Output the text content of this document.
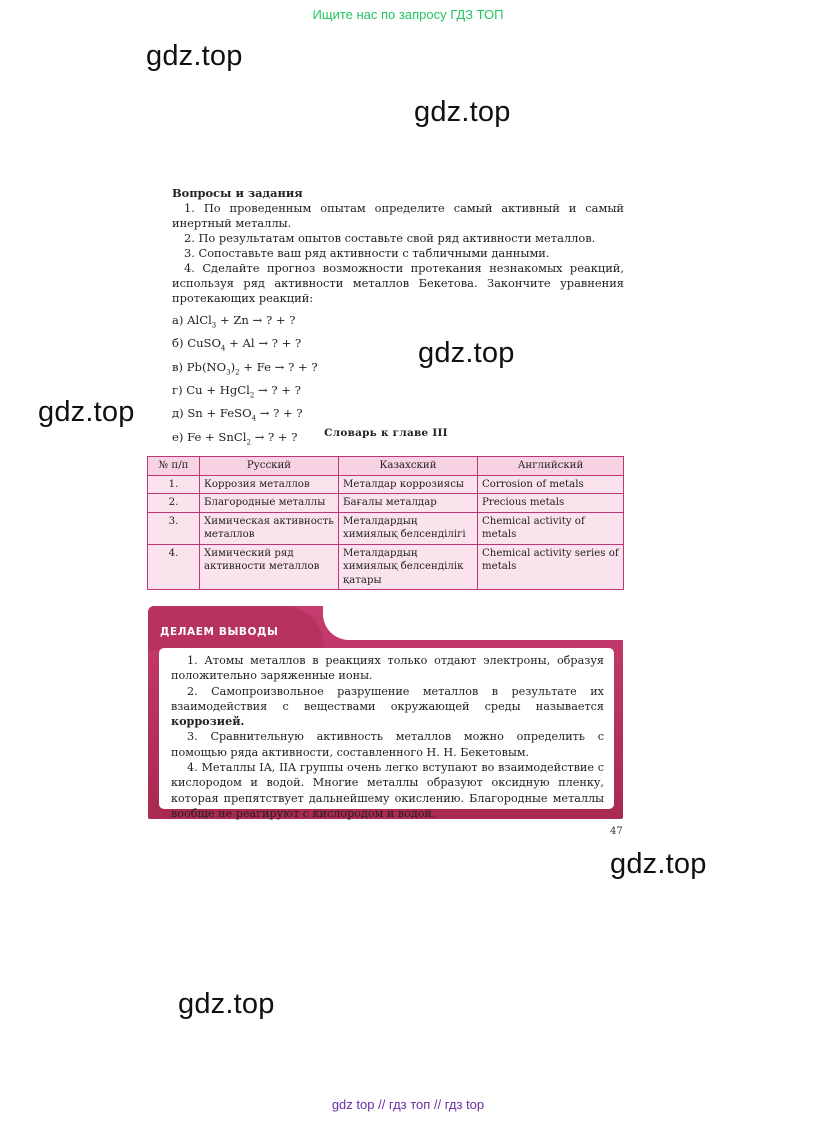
Ищите нас по запросу ГДЗ ТОП
gdz.top
gdz.top
gdz.top
gdz.top
gdz.top
gdz.top
Вопросы и задания

1. По проведенным опытам определите самый активный и самый инертный металлы.

2. По результатам опытов составьте свой ряд активности металлов.

3. Сопоставьте ваш ряд активности с табличными данными.

4. Сделайте прогноз возможности протекания незнакомых реакций, используя ряд активности металлов Бекетова. Закончите уравнения протекающих реакций:

а) AlCl$_3$ + Zn → ? + ?
б) CuSO$_4$ + Al → ? + ?
в) $Pb(NO_3)_2 + Fe$ → ? + ?
г) Cu + HgCl$_2$ → ? + ?
д) Sn + FeSO$_4$ → ? + ?
е) Fe + SnCl$_2$ → ? + ?	Словарь к главе III
№ п/п	Русский	Казахский	Английский
1.	Коррозия металлов	Металдар коррозиясы	Corrosion of metals
2.	Благородные металлы	Бағалы металдар	Precious metals
3.	Химическая активность металлов	Металдардың химиялық белсенділігі	Chemical activity of metals
4.	Химический ряд активности металлов	Металдардың химиялық белсенділік қатары	Chemical activity series of metals
ДЕЛАЕМ ВЫВОДЫ

1. Атомы металлов в реакциях только отдают электроны, образуя положительно заряженные ионы.

2. Самопроизвольное разрушение металлов в результате их взаимодействия с веществами окружающей среды называется коррозией.

3. Сравнительную активность металлов можно определить с помощью ряда активности, составленного Н. Н. Бекетовым.

4. Металлы IA, IIA группы очень легко вступают во взаимодействие с кислородом и водой. Многие металлы образуют оксидную пленку, которая препятствует дальнейшему окислению. Благородные металлы вообще не реагируют с кислородом и водой.

47
gdz top // гдз топ // гдз top
